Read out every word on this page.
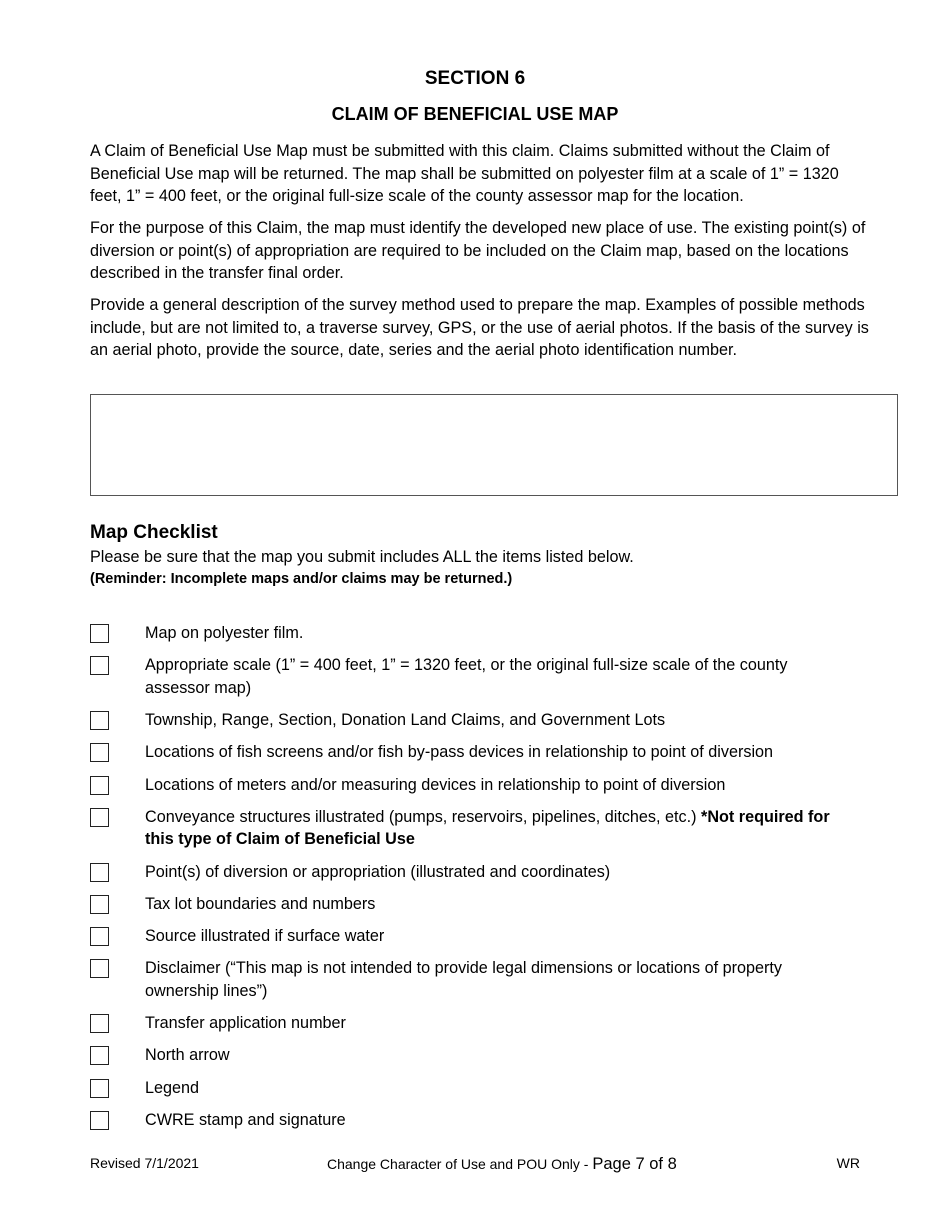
SECTION 6
CLAIM OF BENEFICIAL USE MAP

A Claim of Beneficial Use Map must be submitted with this claim. Claims submitted without the Claim of Beneficial Use map will be returned. The map shall be submitted on polyester film at a scale of 1” = 1320 feet, 1” = 400 feet, or the original full-size scale of the county assessor map for the location.

For the purpose of this Claim, the map must identify the developed new place of use. The existing point(s) of diversion or point(s) of appropriation are required to be included on the Claim map, based on the locations described in the transfer final order.

Provide a general description of the survey method used to prepare the map. Examples of possible methods include, but are not limited to, a traverse survey, GPS, or the use of aerial photos. If the basis of the survey is an aerial photo, provide the source, date, series and the aerial photo identification number.

Map Checklist
Please be sure that the map you submit includes ALL the items listed below.
(Reminder: Incomplete maps and/or claims may be returned.)
Map on polyester film.
Appropriate scale (1” = 400 feet, 1” = 1320 feet, or the original full-size scale of the county assessor map)
Township, Range, Section, Donation Land Claims, and Government Lots
Locations of fish screens and/or fish by-pass devices in relationship to point of diversion
Locations of meters and/or measuring devices in relationship to point of diversion
Conveyance structures illustrated (pumps, reservoirs, pipelines, ditches, etc.) *Not required for this type of Claim of Beneficial Use
Point(s) of diversion or appropriation (illustrated and coordinates)
Tax lot boundaries and numbers
Source illustrated if surface water
Disclaimer (“This map is not intended to provide legal dimensions or locations of property ownership lines”)
Transfer application number
North arrow
Legend
CWRE stamp and signature
Revised 7/1/2021	Change Character of Use and POU Only - Page 7 of 8	WR
